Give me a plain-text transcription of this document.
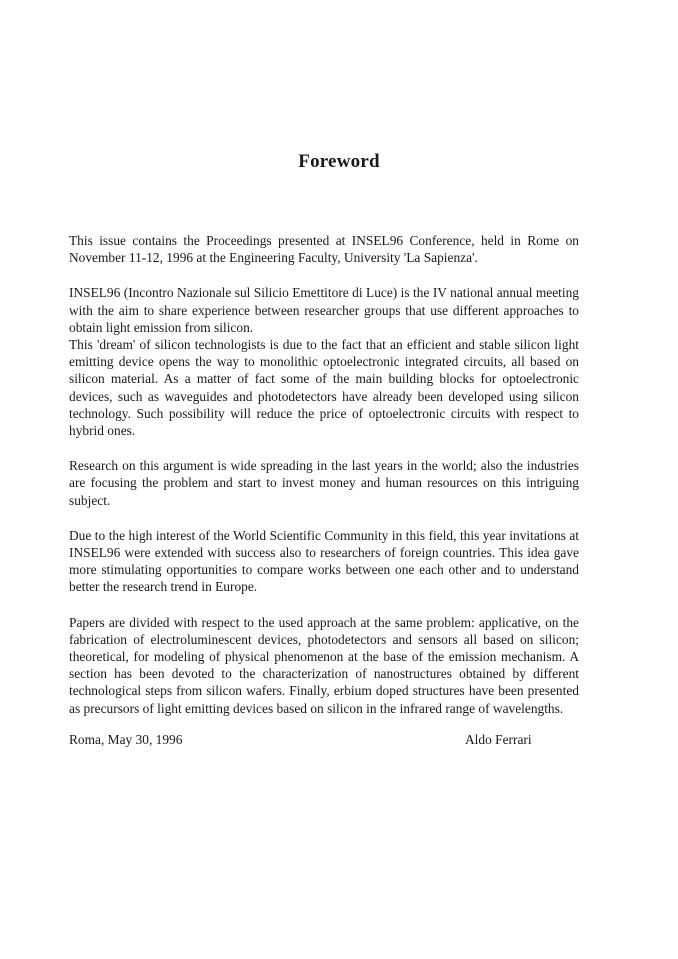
Foreword

This issue contains the Proceedings presented at INSEL96 Conference, held in Rome on November 11-12, 1996 at the Engineering Faculty, University 'La Sapienza'.

INSEL96 (Incontro Nazionale sul Silicio Emettitore di Luce) is the IV national annual meeting with the aim to share experience between researcher groups that use different approaches to obtain light emission from silicon.

This 'dream' of silicon technologists is due to the fact that an efficient and stable silicon light emitting device opens the way to monolithic optoelectronic integrated circuits, all based on silicon material. As a matter of fact some of the main building blocks for optoelectronic devices, such as waveguides and photodetectors have already been developed using silicon technology. Such possibility will reduce the price of optoelectronic circuits with respect to hybrid ones.

Research on this argument is wide spreading in the last years in the world; also the industries are focusing the problem and start to invest money and human resources on this intriguing subject.

Due to the high interest of the World Scientific Community in this field, this year invitations at INSEL96 were extended with success also to researchers of foreign countries. This idea gave more stimulating opportunities to compare works between one each other and to understand better the research trend in Europe.

Papers are divided with respect to the used approach at the same problem: applicative, on the fabrication of electroluminescent devices, photodetectors and sensors all based on silicon; theoretical, for modeling of physical phenomenon at the base of the emission mechanism. A section has been devoted to the characterization of nanostructures obtained by different technological steps from silicon wafers. Finally, erbium doped structures have been presented as precursors of light emitting devices based on silicon in the infrared range of wavelengths.

Roma, May 30, 1996	Aldo Ferrari
